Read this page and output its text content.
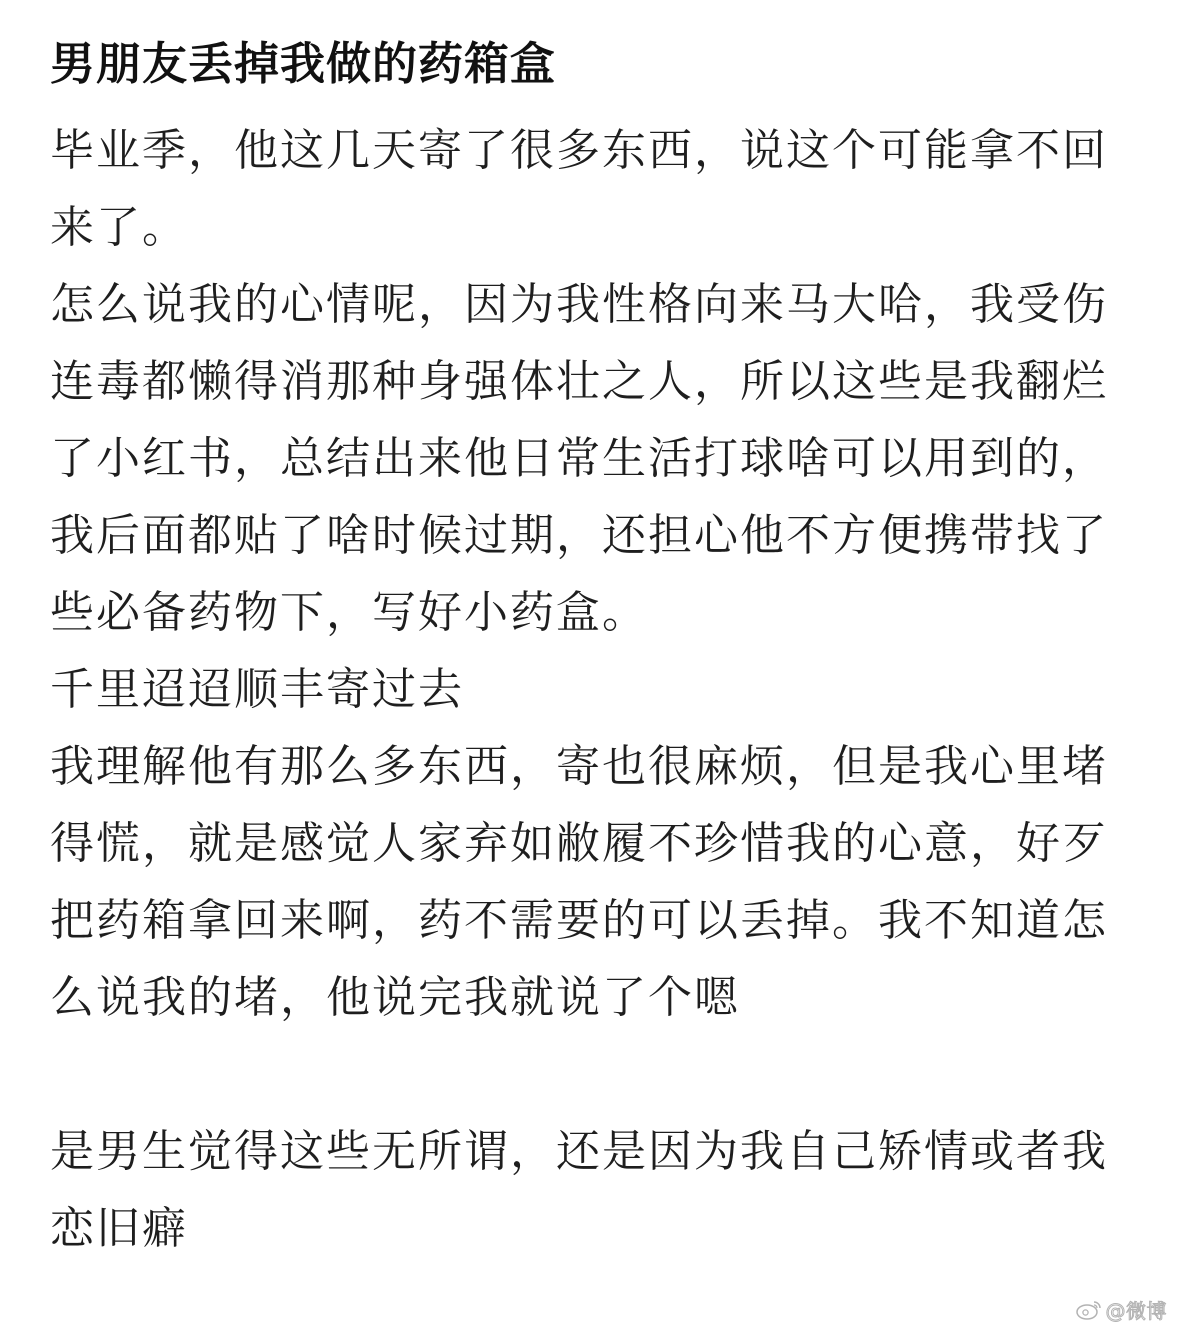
男朋友丢掉我做的药箱盒

毕业季，他这几天寄了很多东西，说这个可能拿不回来了。

怎么说我的心情呢，因为我性格向来马大哈，我受伤连毒都懒得消那种身强体壮之人，所以这些是我翻烂了小红书，总结出来他日常生活打球啥可以用到的，我后面都贴了啥时候过期，还担心他不方便携带找了些必备药物下，写好小药盒。

千里迢迢顺丰寄过去

我理解他有那么多东西，寄也很麻烦，但是我心里堵得慌，就是感觉人家弃如敝履不珍惜我的心意，好歹把药箱拿回来啊，药不需要的可以丢掉。我不知道怎么说我的堵，他说完我就说了个嗯

是男生觉得这些无所谓，还是因为我自己矫情或者我恋旧癖

@微博
